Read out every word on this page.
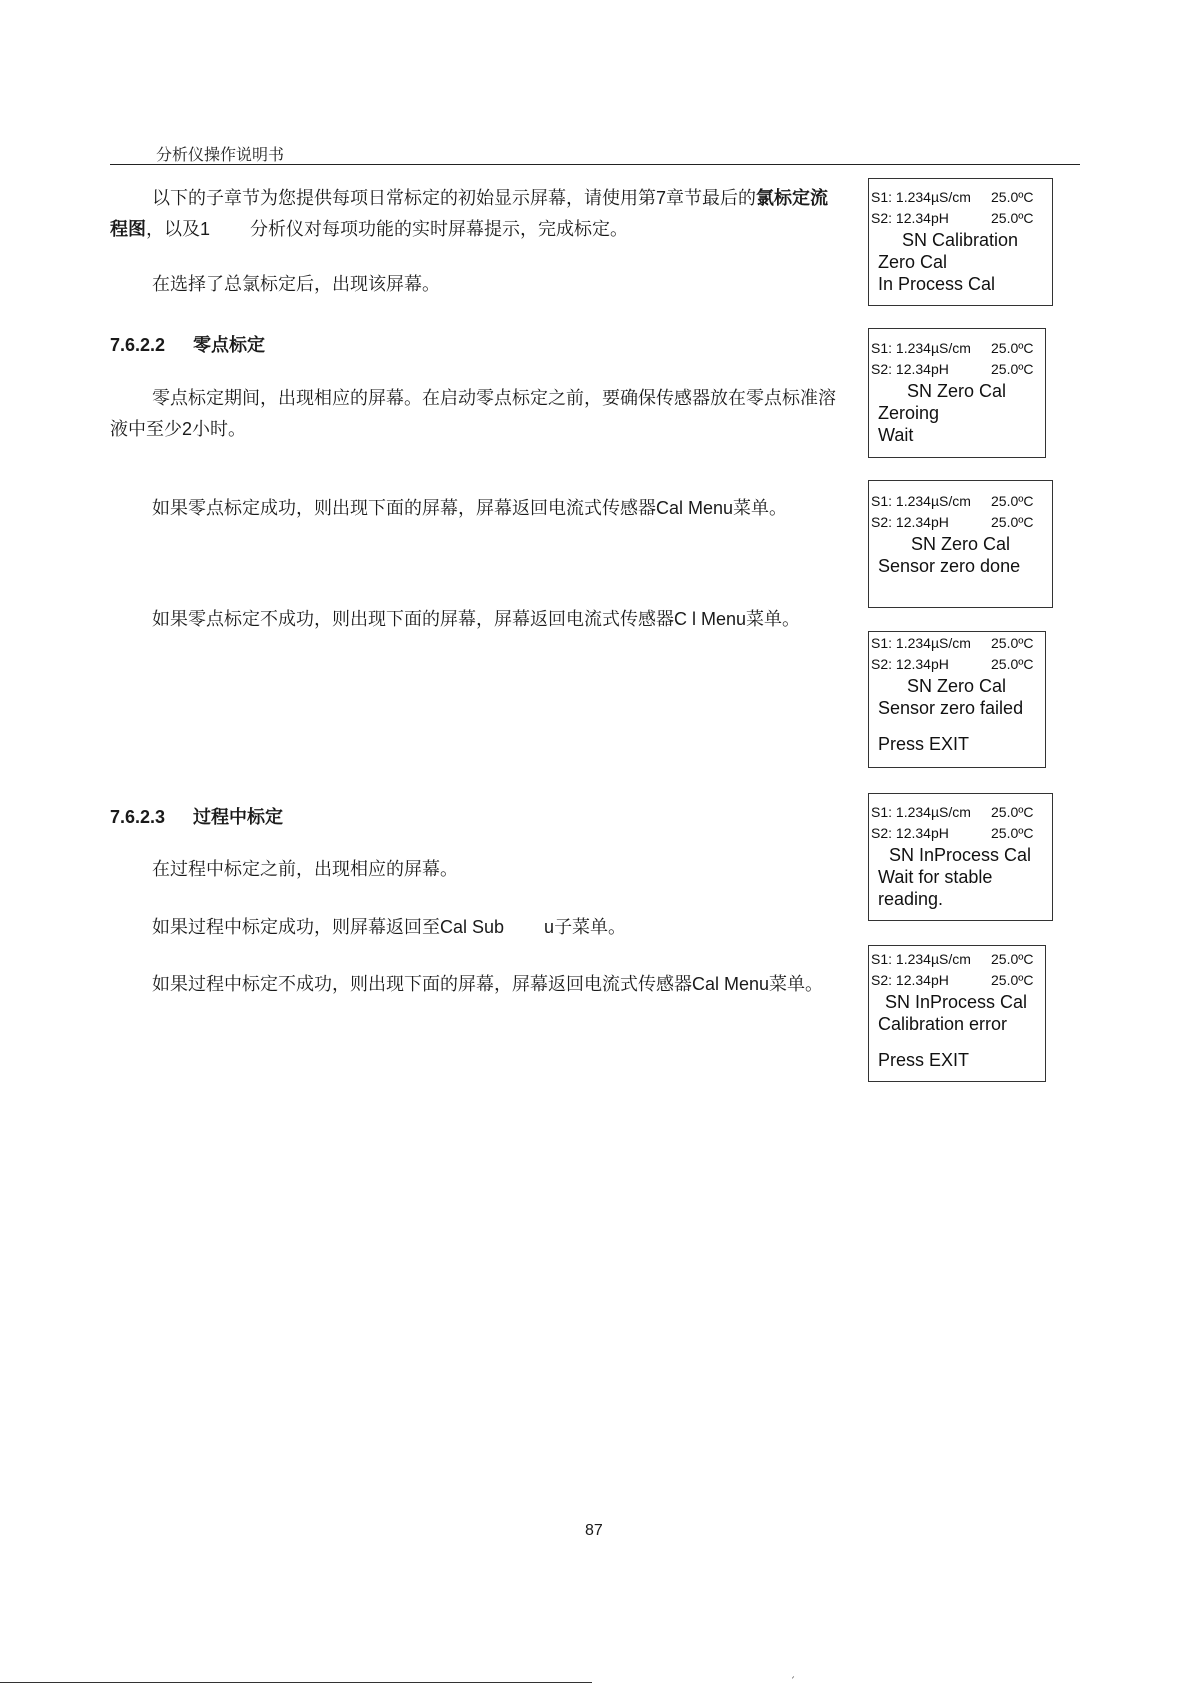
分析仪操作说明书
以下的子章节为您提供每项日常标定的初始显示屏幕，请使用第7章节最后的氯标定流程图，以及1 分析仪对每项功能的实时屏幕提示，完成标定。
在选择了总氯标定后，出现该屏幕。
7.6.2.2 零点标定
零点标定期间，出现相应的屏幕。在启动零点标定之前，要确保传感器放在零点标准溶液中至少2小时。
如果零点标定成功，则出现下面的屏幕，屏幕返回电流式传感器Cal Menu菜单。
如果零点标定不成功，则出现下面的屏幕，屏幕返回电流式传感器C l Menu菜单。
7.6.2.3 过程中标定
在过程中标定之前，出现相应的屏幕。
如果过程中标定成功，则屏幕返回至Cal Sub        u子菜单。
如果过程中标定不成功，则出现下面的屏幕，屏幕返回电流式传感器Cal Menu菜单。
S1: 1.234µS/cm 25.0ºC
S2: 12.34pH	25.0ºC
SN Calibration
Zero Cal
In Process Cal
S1: 1.234µS/cm 25.0ºC
S2: 12.34pH	25.0ºC
SN Zero Cal
Zeroing
Wait
S1: 1.234µS/cm 25.0ºC
S2: 12.34pH	25.0ºC
SN Zero Cal
Sensor zero done
S1: 1.234µS/cm 25.0ºC
S2: 12.34pH	25.0ºC
SN Zero Cal
Sensor zero failed
Press EXIT
S1: 1.234µS/cm 25.0ºC
S2: 12.34pH	25.0ºC
SN InProcess Cal
Wait for stable
reading.
S1: 1.234µS/cm 25.0ºC
S2: 12.34pH	25.0ºC
SN InProcess Cal
Calibration error
Press EXIT
87
ˊ
